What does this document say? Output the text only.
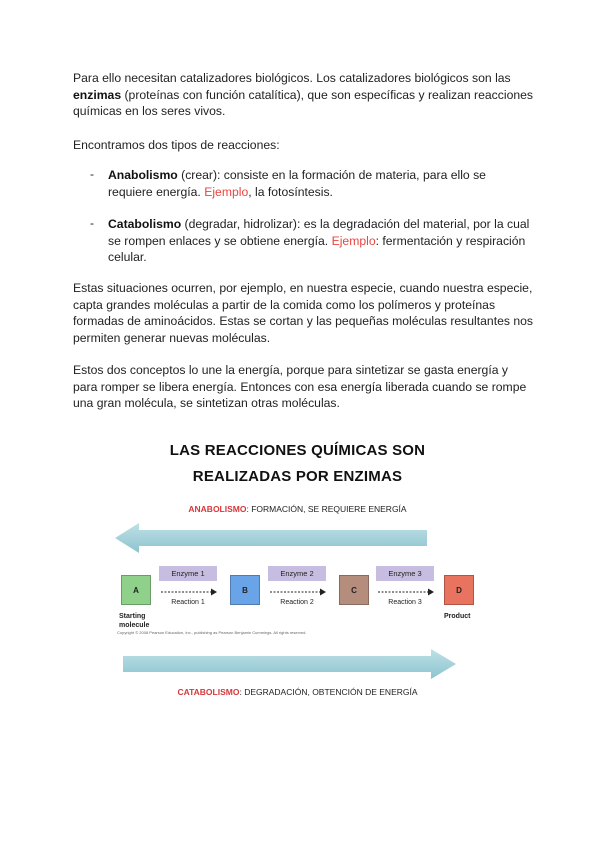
Para ello necesitan catalizadores biológicos. Los catalizadores biológicos son las enzimas (proteínas con función catalítica), que son específicas y realizan reacciones químicas en los seres vivos.

Encontramos dos tipos de reacciones:

- Anabolismo (crear): consiste en la formación de materia, para ello se requiere energía. Ejemplo, la fotosíntesis.

- Catabolismo (degradar, hidrolizar): es la degradación del material, por la cual se rompen enlaces y se obtiene energía. Ejemplo: fermentación y respiración celular.

Estas situaciones ocurren, por ejemplo, en nuestra especie, cuando nuestra especie, capta grandes moléculas a partir de la comida como los polímeros y proteínas formadas de aminoácidos. Estas se cortan y las pequeñas moléculas resultantes nos permiten generar nuevas moléculas.

Estos dos conceptos lo une la energía, porque para sintetizar se gasta energía y para romper se libera energía. Entonces con esa energía liberada cuando se rompe una gran molécula, se sintetizan otras moléculas.

LAS REACCIONES QUÍMICAS SON
REALIZADAS POR ENZIMAS
ANABOLISMO: FORMACIÓN, SE REQUIERE ENERGÍA
A	B	C	D
Enzyme 1	Enzyme 2	Enzyme 3
Reaction 1	Reaction 2	Reaction 3
Starting
molecule
Product
Copyright © 2008 Pearson Education, Inc., publishing as Pearson Benjamin Cummings. All rights reserved.
CATABOLISMO: DEGRADACIÓN, OBTENCIÓN DE ENERGÍA
